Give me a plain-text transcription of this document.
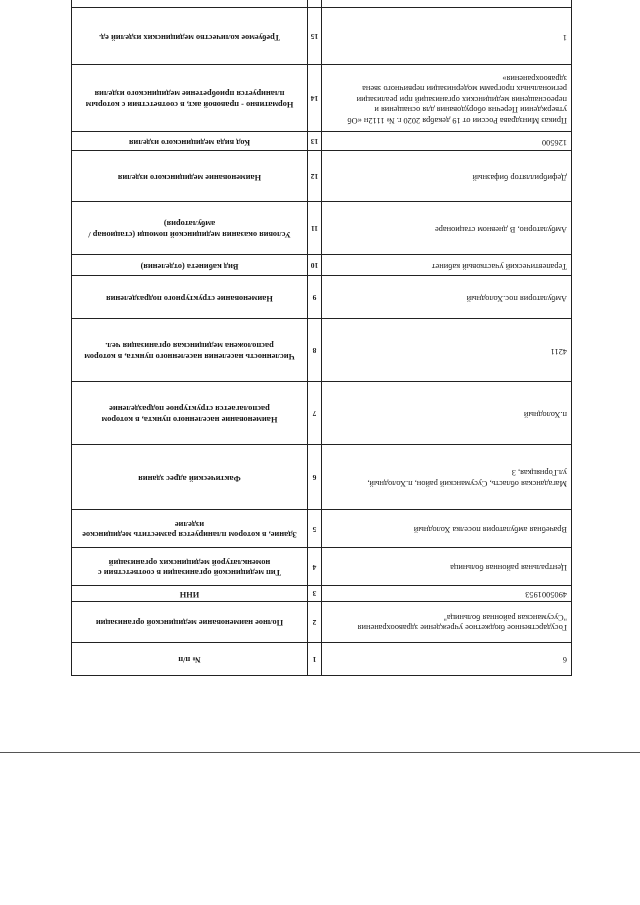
6	1	№ п/п
Государственное бюджетное учреждение здравоохранения "Сусуманская районная больница"	2	Полное наименование медицинской организации
4905001953	3	ИНН
Центральная районная больница	4	Тип медицинской организации в соответствии с номенклатурой медицинских организаций
Врачебная амбулатория поселка Холодный	5	Здание, в котором планируется разместить медицинское изделие
Магаданская область, Сусуманский район, п.Холодный, ул.Горняцкая, 3	6	Фактический адрес здания
п.Холодный	7	Наименование населенного пункта, в котором располагается структурное подразделение
4211	8	Численность населения населенного пункта, в котором расположена медицинская организация чел.
Амбулатория пос.Холодный	9	Наименование структурного подразделения
Терапевтический участковый кабинет	10	Вид кабинета (отделения)
Амбулаторно, В дневном стационаре	11	Условия оказания медицинской помощи (стационар / амбулатория)
Дефибриллятор бифазный	12	Наименование медицинского изделия
126500	13	Код вида медицинского изделия
Приказ Минздрава России от 19 декабря 2020 г. № 1112н «Об утверждении Перечня оборудования для оснащения и переоснащения медицинских организаций при реализации региональных программ модернизации первичного звена здравоохранения»	14	Нормативно - правовой акт, в соответствии с которым планируется приобретение медицинского изделия
1	15	Требуемое количество медицинских изделий ед.
